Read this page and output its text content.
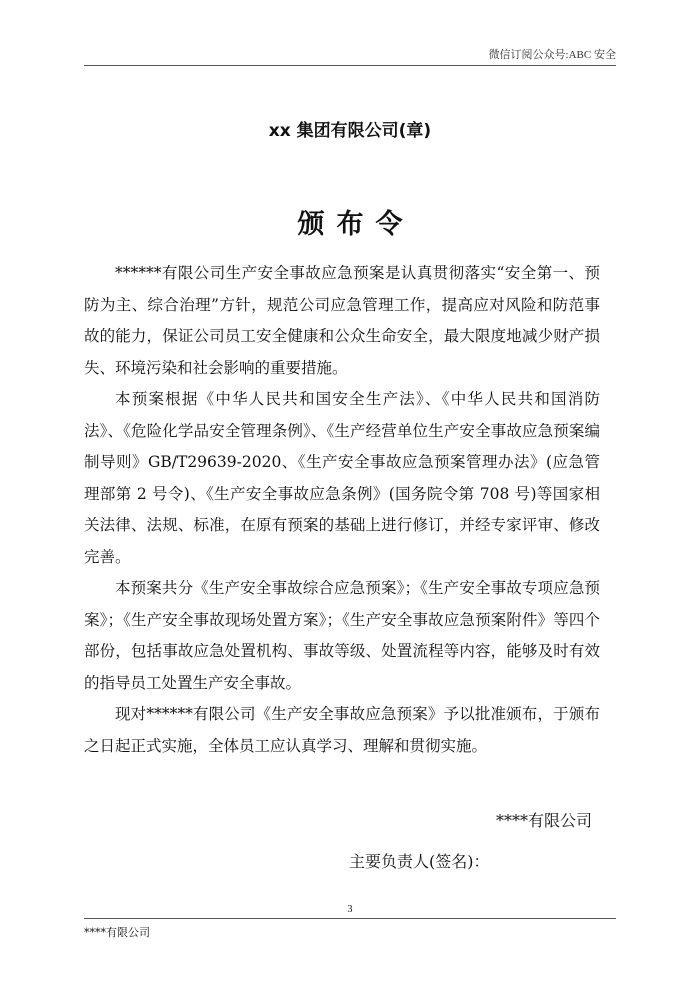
微信订阅公众号:ABC 安全
xx 集团有限公司(章)
颁布令

******有限公司生产安全事故应急预案是认真贯彻落实“安全第一、预防为主、综合治理”方针，规范公司应急管理工作，提高应对风险和防范事故的能力，保证公司员工安全健康和公众生命安全，最大限度地减少财产损失、环境污染和社会影响的重要措施。

本预案根据《中华人民共和国安全生产法》、《中华人民共和国消防法》、《危险化学品安全管理条例》、《生产经营单位生产安全事故应急预案编制导则》GB/T29639-2020、《生产安全事故应急预案管理办法》(应急管理部第 2 号令)、《生产安全事故应急条例》(国务院令第 708 号)等国家相关法律、法规、标准，在原有预案的基础上进行修订，并经专家评审、修改完善。

本预案共分《生产安全事故综合应急预案》；《生产安全事故专项应急预案》；《生产安全事故现场处置方案》；《生产安全事故应急预案附件》等四个部份，包括事故应急处置机构、事故等级、处置流程等内容，能够及时有效的指导员工处置生产安全事故。

现对******有限公司《生产安全事故应急预案》予以批准颁布，于颁布之日起正式实施，全体员工应认真学习、理解和贯彻实施。

****有限公司
主要负责人(签名)：
3
****有限公司
